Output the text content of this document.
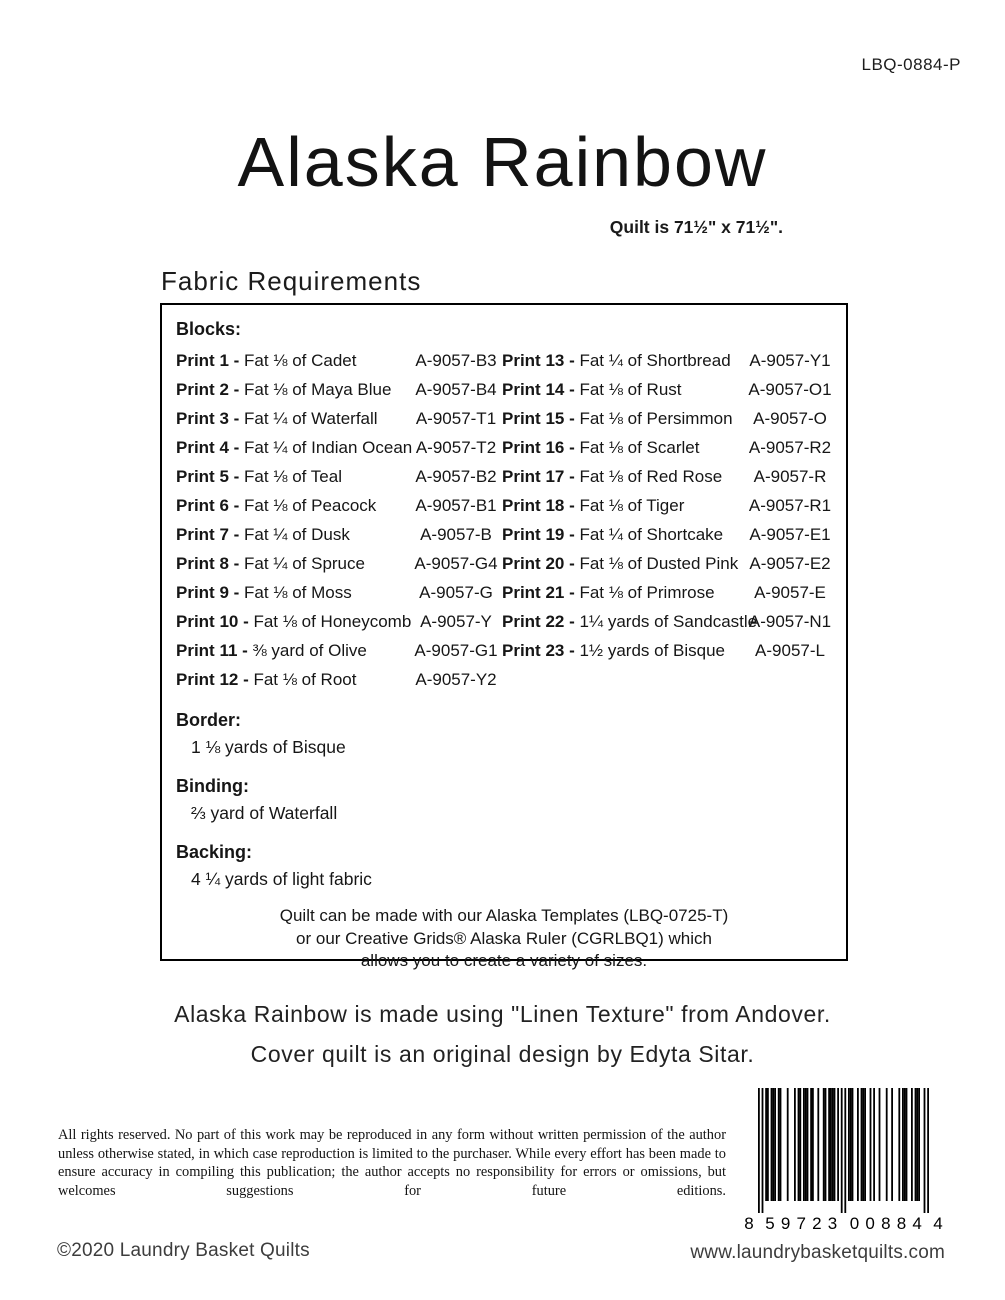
LBQ-0884-P
Alaska Rainbow
Quilt is 71½" x 71½".
Fabric Requirements
Blocks:
Print 1 - Fat ⅛ of Cadet	A-9057-B3
Print 2 - Fat ⅛ of Maya Blue	A-9057-B4
Print 3 - Fat ¼ of Waterfall	A-9057-T1
Print 4 - Fat ¼ of Indian Ocean A-9057-T2
Print 5 - Fat ⅛ of Teal	A-9057-B2
Print 6 - Fat ⅛ of Peacock	A-9057-B1
Print 7 - Fat ¼ of Dusk	A-9057-B
Print 8 - Fat ¼ of Spruce	A-9057-G4
Print 9 - Fat ⅛ of Moss	A-9057-G
Print 10 - Fat ⅛ of Honeycomb A-9057-Y
Print 11 - ⅜ yard of Olive	A-9057-G1
Print 12 - Fat ⅛ of Root	A-9057-Y2
Print 13 - Fat ¼ of Shortbread	A-9057-Y1
Print 14 - Fat ⅛ of Rust	A-9057-O1
Print 15 - Fat ⅛ of Persimmon	A-9057-O
Print 16 - Fat ⅛ of Scarlet	A-9057-R2
Print 17 - Fat ⅛ of Red Rose	A-9057-R
Print 18 - Fat ⅛ of Tiger	A-9057-R1
Print 19 - Fat ¼ of Shortcake	A-9057-E1
Print 20 - Fat ⅛ of Dusted Pink A-9057-E2
Print 21 - Fat ⅛ of Primrose	A-9057-E
Print 22 - 1¼ yards of Sandcastle
A-9057-N1
Print 23 - 1½ yards of Bisque	A-9057-L
Border:
1 ⅛ yards of Bisque
Binding:
⅔ yard of Waterfall
Backing:
4 ¼ yards of light fabric
Quilt can be made with our Alaska Templates (LBQ-0725-T)
or our Creative Grids® Alaska Ruler (CGRLBQ1) which
allows you to create a variety of sizes.
Alaska Rainbow is made using "Linen Texture" from Andover.
Cover quilt is an original design by Edyta Sitar.
All rights reserved. No part of this work may be reproduced in any form without written permission of the author unless otherwise stated, in which case reproduction is limited to the purchaser. While every effort has been made to ensure accuracy in compiling this publication; the author accepts no responsibility for errors or omissions, but welcomes suggestions for future editions.
8 59723 00884 4
©2020 Laundry Basket Quilts	www.laundrybasketquilts.com
